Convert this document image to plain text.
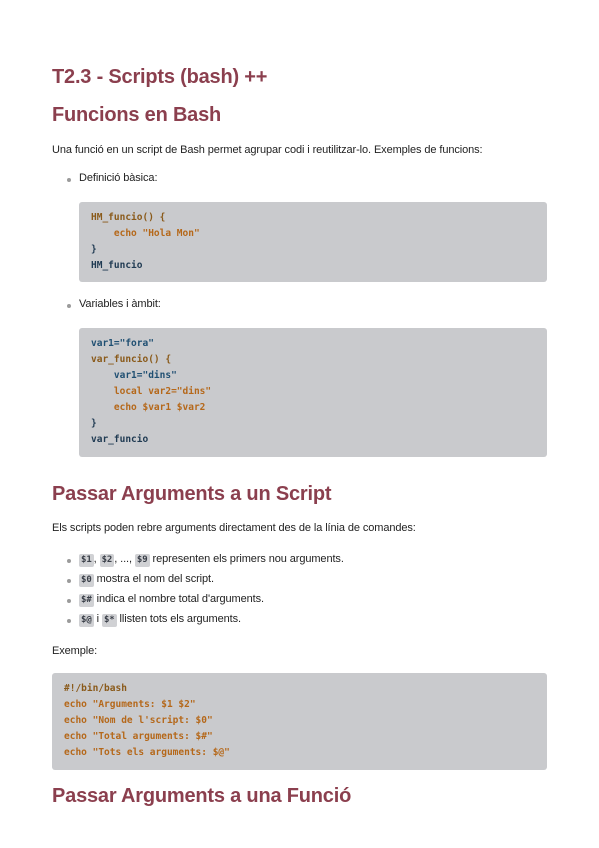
T2.3 - Scripts (bash) ++
Funcions en Bash
Una funció en un script de Bash permet agrupar codi i reutilitzar-lo. Exemples de funcions:
Definició bàsica:
HM_funcio() {
echo "Hola Mon"
}
HM_funcio
Variables i àmbit:
var1="fora"
var_funcio() {
var1="dins"
local var2="dins"
echo $var1 $var2
}
var_funcio
Passar Arguments a un Script
Els scripts poden rebre arguments directament des de la línia de comandes:
$1 , $2 , ..., $9 representen els primers nou arguments.
$0 mostra el nom del script.
$# indica el nombre total d'arguments.
$@ i $* llisten tots els arguments.
Exemple:
#!/bin/bash
echo "Arguments: $1 $2"
echo "Nom de l'script: $0"
echo "Total arguments: $#"
echo "Tots els arguments: $@"
Passar Arguments a una Funció
